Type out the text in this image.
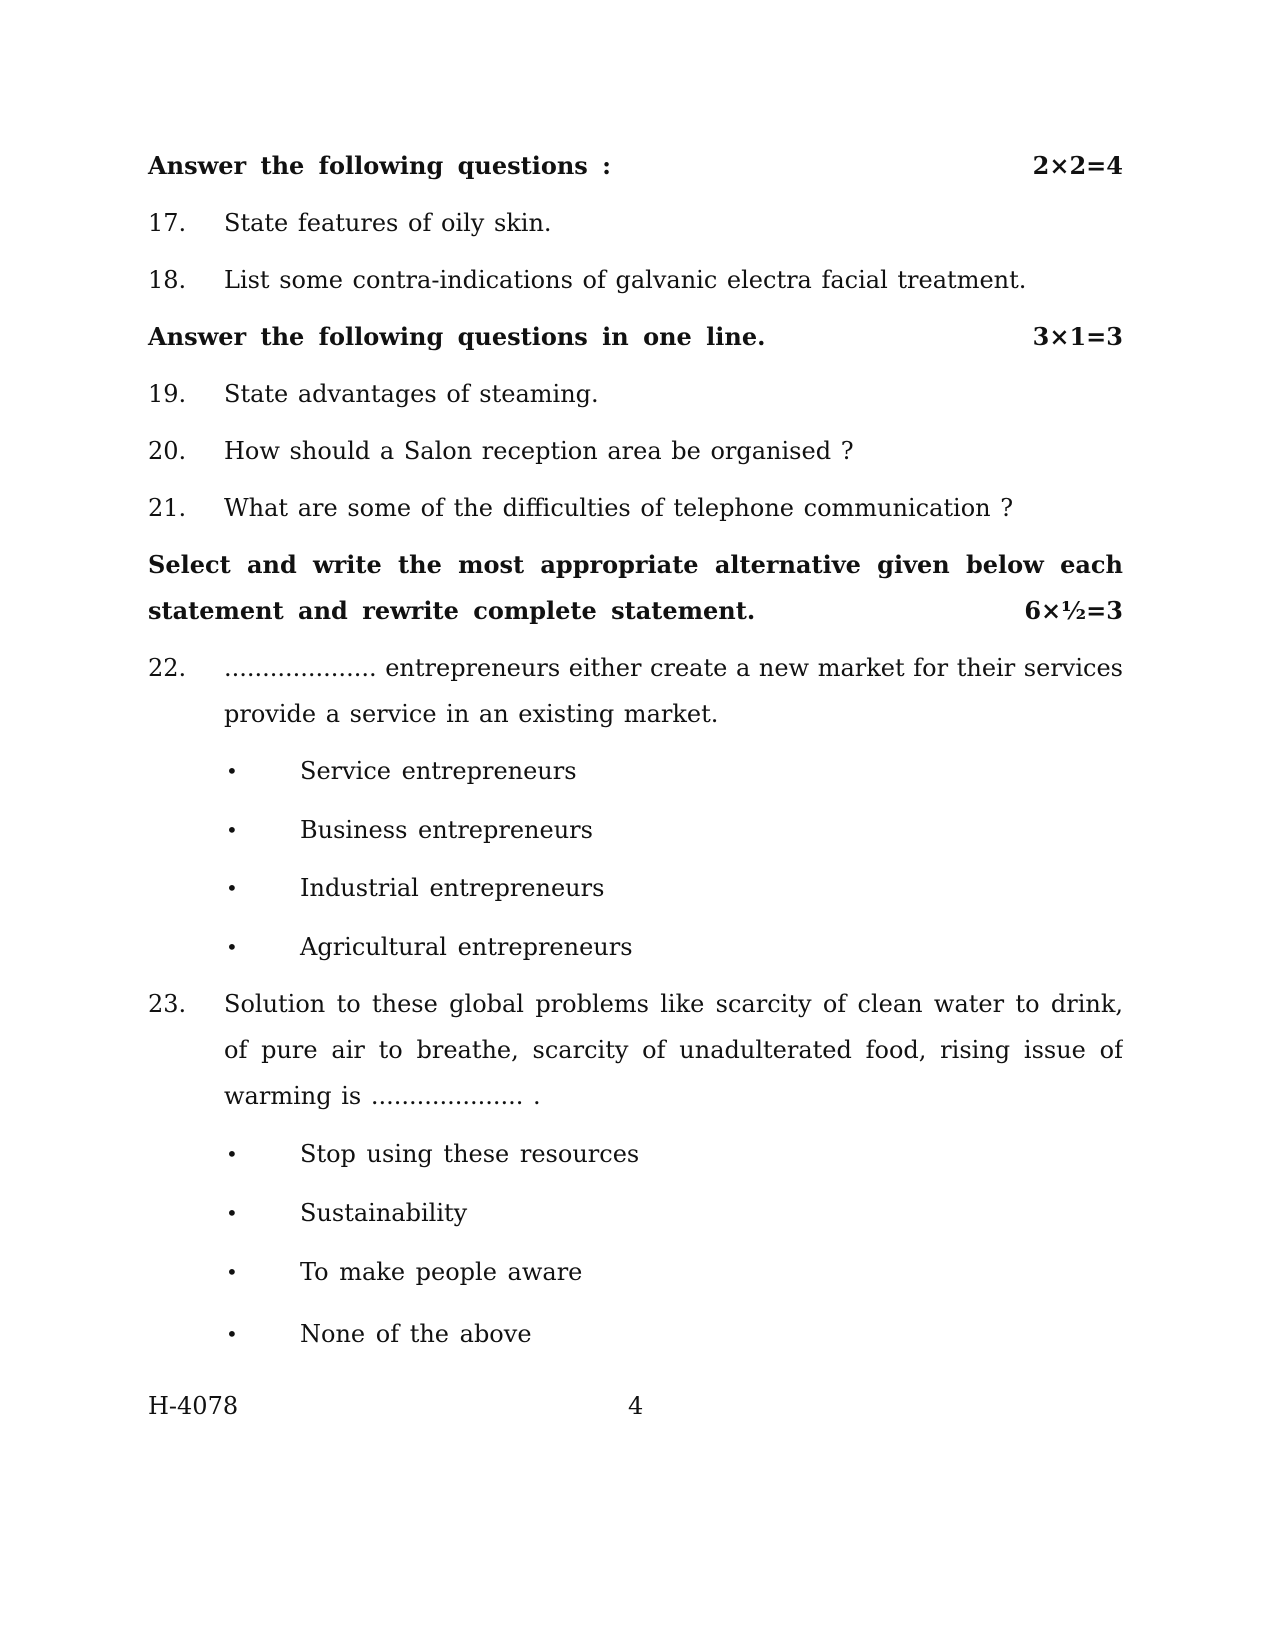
Answer the following questions :	2×2=4
17. State features of oily skin.
18. List some contra-indications of galvanic electra facial treatment.
Answer the following questions in one line.	3×1=3
19. State advantages of steaming.
20. How should a Salon reception area be organised ?
21. What are some of the difficulties of telephone communication ?
Select and write the most appropriate alternative given below each
statement and rewrite complete statement.	6×½=3
22. .................... entrepreneurs either create a new market for their services
provide a service in an existing market.
•	Service entrepreneurs
•	Business entrepreneurs
•	Industrial entrepreneurs
•	Agricultural entrepreneurs
23. Solution to these global problems like scarcity of clean water to drink,
of pure air to breathe, scarcity of unadulterated food, rising issue of
warming is .................... .
•	Stop using these resources
•	Sustainability
•	To make people aware
•	None of the above
H-4078	4
